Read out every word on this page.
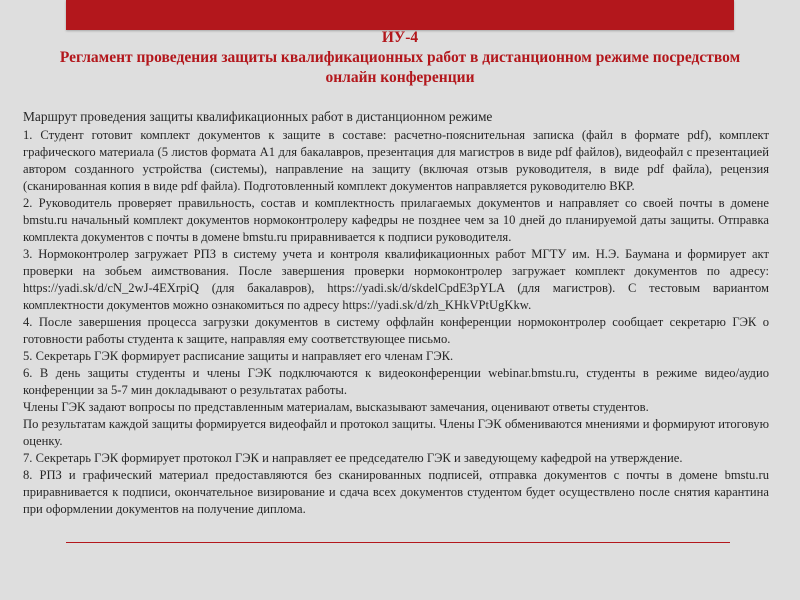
ИУ-4
Регламент проведения защиты квалификационных работ в дистанционном режиме посредством онлайн конференции

Маршрут проведения защиты квалификационных работ в дистанционном режиме

1. Студент готовит комплект документов к защите в составе: расчетно-пояснительная записка (файл в формате pdf), комплект графического материала (5 листов формата А1 для бакалавров, презентация для магистров в виде pdf файлов), видеофайл с презентацией автором созданного устройства (системы), направление на защиту (включая отзыв руководителя, в виде pdf файла), рецензия (сканированная копия в виде pdf файла). Подготовленный комплект документов направляется руководителю ВКР.

2. Руководитель проверяет правильность, состав и комплектность прилагаемых документов и направляет со своей почты в домене bmstu.ru начальный комплект документов нормоконтролеру кафедры не позднее чем за 10 дней до планируемой даты защиты. Отправка комплекта документов с почты в домене bmstu.ru приравнивается к подписи руководителя.

3. Нормоконтролер загружает РПЗ в систему учета и контроля квалификационных работ МГТУ им. Н.Э. Баумана и формирует акт проверки на зобьем аимствования. После завершения проверки нормоконтролер загружает комплект документов по адресу: https://yadi.sk/d/cN_2wJ-4EXrpiQ (для бакалавров), https://yadi.sk/d/skdelCpdE3pYLA (для магистров). С тестовым вариантом комплектности документов можно ознакомиться по адресу https://yadi.sk/d/zh_KHkVPtUgKkw.

4. После завершения процесса загрузки документов в систему оффлайн конференции нормоконтролер сообщает секретарю ГЭК о готовности работы студента к защите, направляя ему соответствующее письмо.

5. Секретарь ГЭК формирует расписание защиты и направляет его членам ГЭК.

6. В день защиты студенты и члены ГЭК подключаются к видеоконференции webinar.bmstu.ru, студенты в режиме видео/аудио конференции за 5-7 мин докладывают о результатах работы.

Члены ГЭК задают вопросы по представленным материалам, высказывают замечания, оценивают ответы студентов.

По результатам каждой защиты формируется видеофайл и протокол защиты. Члены ГЭК обмениваются мнениями и формируют итоговую оценку.

7. Секретарь ГЭК формирует протокол ГЭК и направляет ее председателю ГЭК и заведующему кафедрой на утверждение.

8. РПЗ и графический материал предоставляются без сканированных подписей, отправка документов с почты в домене bmstu.ru приравнивается к подписи, окончательное визирование и сдача всех документов студентом будет осуществлено после снятия карантина при оформлении документов на получение диплома.
